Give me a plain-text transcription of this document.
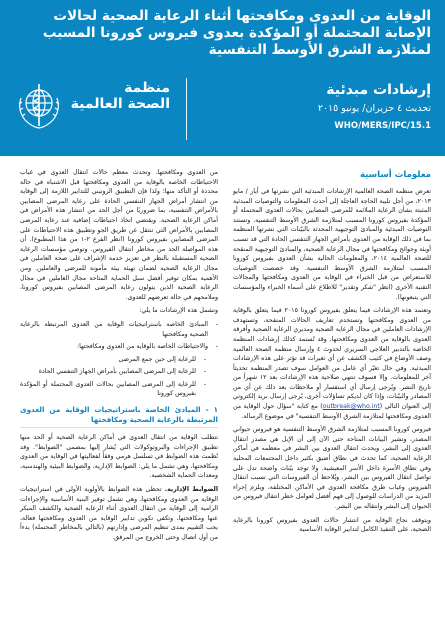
الوقاية من العدوى ومكافحتها أثناء الرعاية الصحية لحالات الإصابة المحتملة أو المؤكدة بعدوى فيروس كورونا المسبب لمتلازمة الشرق الأوسط التنفسية
منظمة
الصحة العالمية
إرشادات مبدئية
تحديث ٤ حزيران/ يونيو ٢٠١٥
WHO/MERS/IPC/15.1
معلومات أساسية

تعرض منظمة الصحة العالمية الإرشادات المبدئية التي نشرتها في أيار / مايو ٢٠١٣، من أجل تلبية الحاجة العاجلة إلى أحدث المعلومات والتوصيات المبدئية المثبتة بشأن الرعاية الملائمة للمرضى المصابين بحالات العدوى المحتملة أو المؤكدة بفيروس كورونا المسبب لمتلازمة الشرق الأوسط التنفسية. وتستند التوصيات المبدئية والمبادئ التوجيهية المحدثة بالبيّنات التي نشرتها المنظمة بما في ذلك الوقاية من العدوى بأمراض الجهاز التنفسي الحادة التي قد تسبب أوبئة وجوائح ومكافحتها في مجال الرعاية الصحية، والمبادئ التوجيهية المنقحة للصحة العالمية ٢٠١٤، والمعلومات الحالية بشأن العدوى بفيروس كورونا المسبب لمتلازمة الشرق الأوسط التنفسية. وقد خصصت التوصيات للاستعراض من قبل الخبراء في الوقاية من العدوى ومكافحتها والمجالات التقنية الأخرى (انظر "شكر وتقدير" للاطلاع على أسماء الخبراء والمؤسسات التي يتبعونها).

وتعتمد هذه الإرشادات فيما يتعلق بفيروس كورونا ٢٠١٥ فيما يتعلق بالوقاية من العدوى ومكافحتها وتستخدم تعاريف الحالات المنقحة، وتستهدف الإرشادات العاملين في مجال الرعاية الصحية ومديري الرعاية الصحية وأفرقة العدوى بالوقاية من العدوى ومكافحتها، وقد تُستمد كذلك إرشادات المنظمة الخاصة بالتدبير العلاجي السريري لحدوث ٤ وإرسال منظمة الصحة العالمية وصف الأوضاع في كتيب الكشف عن أي تغيرات قد تؤثر على هذه الإرشادات المبدئية. وفي حال تغيّر أي عامل من العوامل سوف تصدر المنظمة تحديثاً آخر للمعلومات. وإلا فسوف تنتهي صلاحية هذه الإرشادات بعد ١٢ شهراً من تاريخ النشر. ويُرجى إرسال أي استفسار أو ملاحظات بعد ذلك عن أي من المصادر والبيّنات، وإذا كان لديكم تساؤلات أخرى، يُرجى إرسال بريد إلكتروني إلى العنوان التالي (outbreak@who.int) مع كتابة "سؤال حول الوقاية من العدوى ومكافحتها لمتلازمة الشرق الأوسط التنفسية" في موضوع الرسالة.

فيروس كورونا المسبب لمتلازمة الشرق الأوسط التنفسية هو فيروس حيواني المصدر، وتشير البيانات المتاحة حتى الآن إلى أن الإبل هي مصدر انتقال العدوى إلى البشر، ويحدث انتقال العدوى بين البشر في معظمه في أماكن الرعاية الصحية، كما تحدث في نطاق أضيق بكثير داخل المجتمعات المحلية وفي نطاق الأسرة داخل الأسر المعيشية. ولا توجد بيّنات واضحة تدل على تواصل انتقال الفيروس بين البشر. ويُلاحظ أن الفيروسات التي تسبب انتقال الفيروس وغياب طرق مكافحة العدوى في الأماكن المختلفة، ويلزم إجراء المزيد من الدراسات للوصول إلى فهم أفضل لعوامل خطر انتقال فيروس من الحيوان إلى البشر وانتقاله بين البشر.

ويتوقف نجاح الوقاية من انتشار حالات العدوى بفيروس كورونا بالرعاية الصحية، على التنفيذ الكامل لتدابير الوقاية الأساسية

من العدوى ومكافحتها. وتحدث معظم حالات انتقال العدوى في غياب الاحتياطات الخاصة بالوقاية من العدوى ومكافحتها قبل الاشتباه في حالة محددة أو التأكد منها؛ ولذا فإن التطبيق الروتيني للتدابير اللازمة إلى الوقاية من انتشار أمراض الجهاز التنفسي الحادة على رعاية المرضى المصابين بالأمراض التنفسية، بما ضروريًا من أجل الحد من انتشار هذه الأمراض في أماكن الرعاية الصحية. ويقتضي اتخاذ احتياطات إضافية عند رعاية المرضى المصابين بالأمراض التي تنتقل عن طريق الجو وتطبيق هذه الاحتياطات على المرضى المصابين بفيروس كورونا (انظر الفرع ٢-١ من هذا المطبوع). أن هذه المواصلة الحد من مخاطر انتقال الفيروس. وتوصي مؤسسات الرعاية الصحية المستقبلة بالنظر في تعزيز خدمة الإشراف على صحة العاملين في مجال الرعاية الصحية لضمان تهيئة بيئة مأمونة للمرضى والعاملين. ومن الأهمية بمكان توفير أفضل سبل الحماية المتاحة مجال العاملين في مجال الرعاية الصحية الذين يتولون رعاية المرضى المصابين بفيروس كورونا، وملامحهم في حالة تعرضهم للعدوى.

وتشمل هذه الإرشادات ما يلي:

- المبادئ الخاصة باستراتيجيات الوقاية من العدوى المرتبطة بالرعاية الصحية ومكافحتها
- والاحتياطات الخاصة بالوقاية من العدوى ومكافحتها:
- للرعاية إلى حين جمع المرضى
- للرعاية إلى المرضى المصابين بأمراض الجهاز التنفسي الحادة
- للرعاية إلى المرضى المصابين بحالات العدوى المحتملة أو المؤكدة بفيروس كورونا
١ - المبادئ الخاصة باستراتيجيات الوقاية من العدوى المرتبطة بالرعاية الصحية ومكافحتها

تتطلب الوقاية من انتقال العدوى في أماكن الرعاية الصحية أو الحد منها تطبيق الإجراءات والبروتوكولات التي يُشار إليها بمصمى "الضوابط". وقد نُظمت هذه الضوابط في تسلسل هرمي وفقاً لفعاليتها في الوقاية من العدوى ومكافحتها، وهي تشمل ما يلي: الضوابط الإدارية، والضوابط البيئية والهندسية، ومعدات الحماية الشخصية.

الضوابط الإدارية. تحظى هذه الضوابط بالأولوية الأولى في استراتيجيات الوقاية من العدوى ومكافحتها، وهي تشمل توفير البنية الأساسية والإجراءات الرامية إلى الوقاية من انتقال العدوى أثناء الرعاية الصحية والكشف المبكر عنها ومكافحتها، وتكفي تكوين تدابير الوقاية من العدوى ومكافحتها فعالة، يجب التقييم بمدى تنظيم المرضى وإدارتهم (بالتالي بالمخاطر المحتملة) بدءاً من أول اتصال وحتى الخروج من المرفق.
